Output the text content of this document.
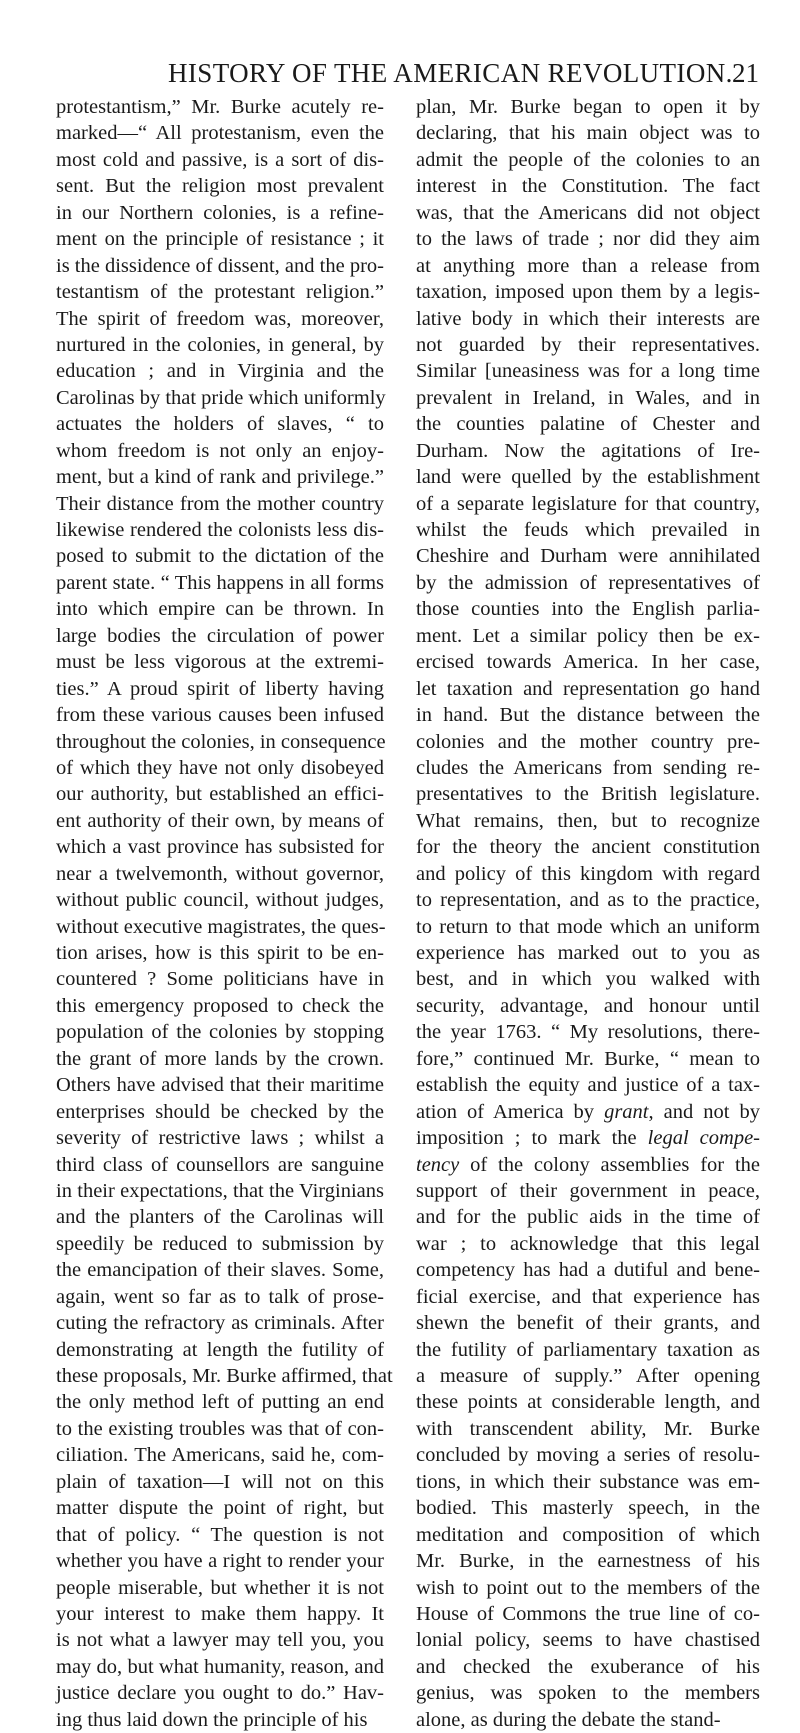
HISTORY OF THE AMERICAN REVOLUTION. 21
protestantism,” Mr. Burke acutely re-
marked—“ All protestanism, even the
most cold and passive, is a sort of dis-
sent. But the religion most prevalent
in our Northern colonies, is a refine-
ment on the principle of resistance ; it
is the dissidence of dissent, and the pro-
testantism of the protestant religion.”
The spirit of freedom was, moreover,
nurtured in the colonies, in general, by
education ; and in Virginia and the
Carolinas by that pride which uniformly
actuates the holders of slaves, “ to
whom freedom is not only an enjoy-
ment, but a kind of rank and privilege.”
Their distance from the mother country
likewise rendered the colonists less dis-
posed to submit to the dictation of the
parent state. “ This happens in all forms
into which empire can be thrown. In
large bodies the circulation of power
must be less vigorous at the extremi-
ties.” A proud spirit of liberty having
from these various causes been infused
throughout the colonies, in consequence
of which they have not only disobeyed
our authority, but established an effici-
ent authority of their own, by means of
which a vast province has subsisted for
near a twelvemonth, without governor,
without public council, without judges,
without executive magistrates, the ques-
tion arises, how is this spirit to be en-
countered ? Some politicians have in
this emergency proposed to check the
population of the colonies by stopping
the grant of more lands by the crown.
Others have advised that their maritime
enterprises should be checked by the
severity of restrictive laws ; whilst a
third class of counsellors are sanguine
in their expectations, that the Virginians
and the planters of the Carolinas will
speedily be reduced to submission by
the emancipation of their slaves. Some,
again, went so far as to talk of prose-
cuting the refractory as criminals. After
demonstrating at length the futility of
these proposals, Mr. Burke affirmed, that
the only method left of putting an end
to the existing troubles was that of con-
ciliation. The Americans, said he, com-
plain of taxation—I will not on this
matter dispute the point of right, but
that of policy. “ The question is not
whether you have a right to render your
people miserable, but whether it is not
your interest to make them happy. It
is not what a lawyer may tell you, you
may do, but what humanity, reason, and
justice declare you ought to do.” Hav-
ing thus laid down the principle of his
plan, Mr. Burke began to open it by
declaring, that his main object was to
admit the people of the colonies to an
interest in the Constitution. The fact
was, that the Americans did not object
to the laws of trade ; nor did they aim
at anything more than a release from
taxation, imposed upon them by a legis-
lative body in which their interests are
not guarded by their representatives.
Similar [uneasiness was for a long time
prevalent in Ireland, in Wales, and in
the counties palatine of Chester and
Durham. Now the agitations of Ire-
land were quelled by the establishment
of a separate legislature for that country,
whilst the feuds which prevailed in
Cheshire and Durham were annihilated
by the admission of representatives of
those counties into the English parlia-
ment. Let a similar policy then be ex-
ercised towards America. In her case,
let taxation and representation go hand
in hand. But the distance between the
colonies and the mother country pre-
cludes the Americans from sending re-
presentatives to the British legislature.
What remains, then, but to recognize
for the theory the ancient constitution
and policy of this kingdom with regard
to representation, and as to the practice,
to return to that mode which an uniform
experience has marked out to you as
best, and in which you walked with
security, advantage, and honour until
the year 1763. “ My resolutions, there-
fore,” continued Mr. Burke, “ mean to
establish the equity and justice of a tax-
ation of America by grant, and not by
imposition ; to mark the legal compe-
tency of the colony assemblies for the
support of their government in peace,
and for the public aids in the time of
war ; to acknowledge that this legal
competency has had a dutiful and bene-
ficial exercise, and that experience has
shewn the benefit of their grants, and
the futility of parliamentary taxation as
a measure of supply.” After opening
these points at considerable length, and
with transcendent ability, Mr. Burke
concluded by moving a series of resolu-
tions, in which their substance was em-
bodied. This masterly speech, in the
meditation and composition of which
Mr. Burke, in the earnestness of his
wish to point out to the members of the
House of Commons the true line of co-
lonial policy, seems to have chastised
and checked the exuberance of his
genius, was spoken to the members
alone, as during the debate the stand-
